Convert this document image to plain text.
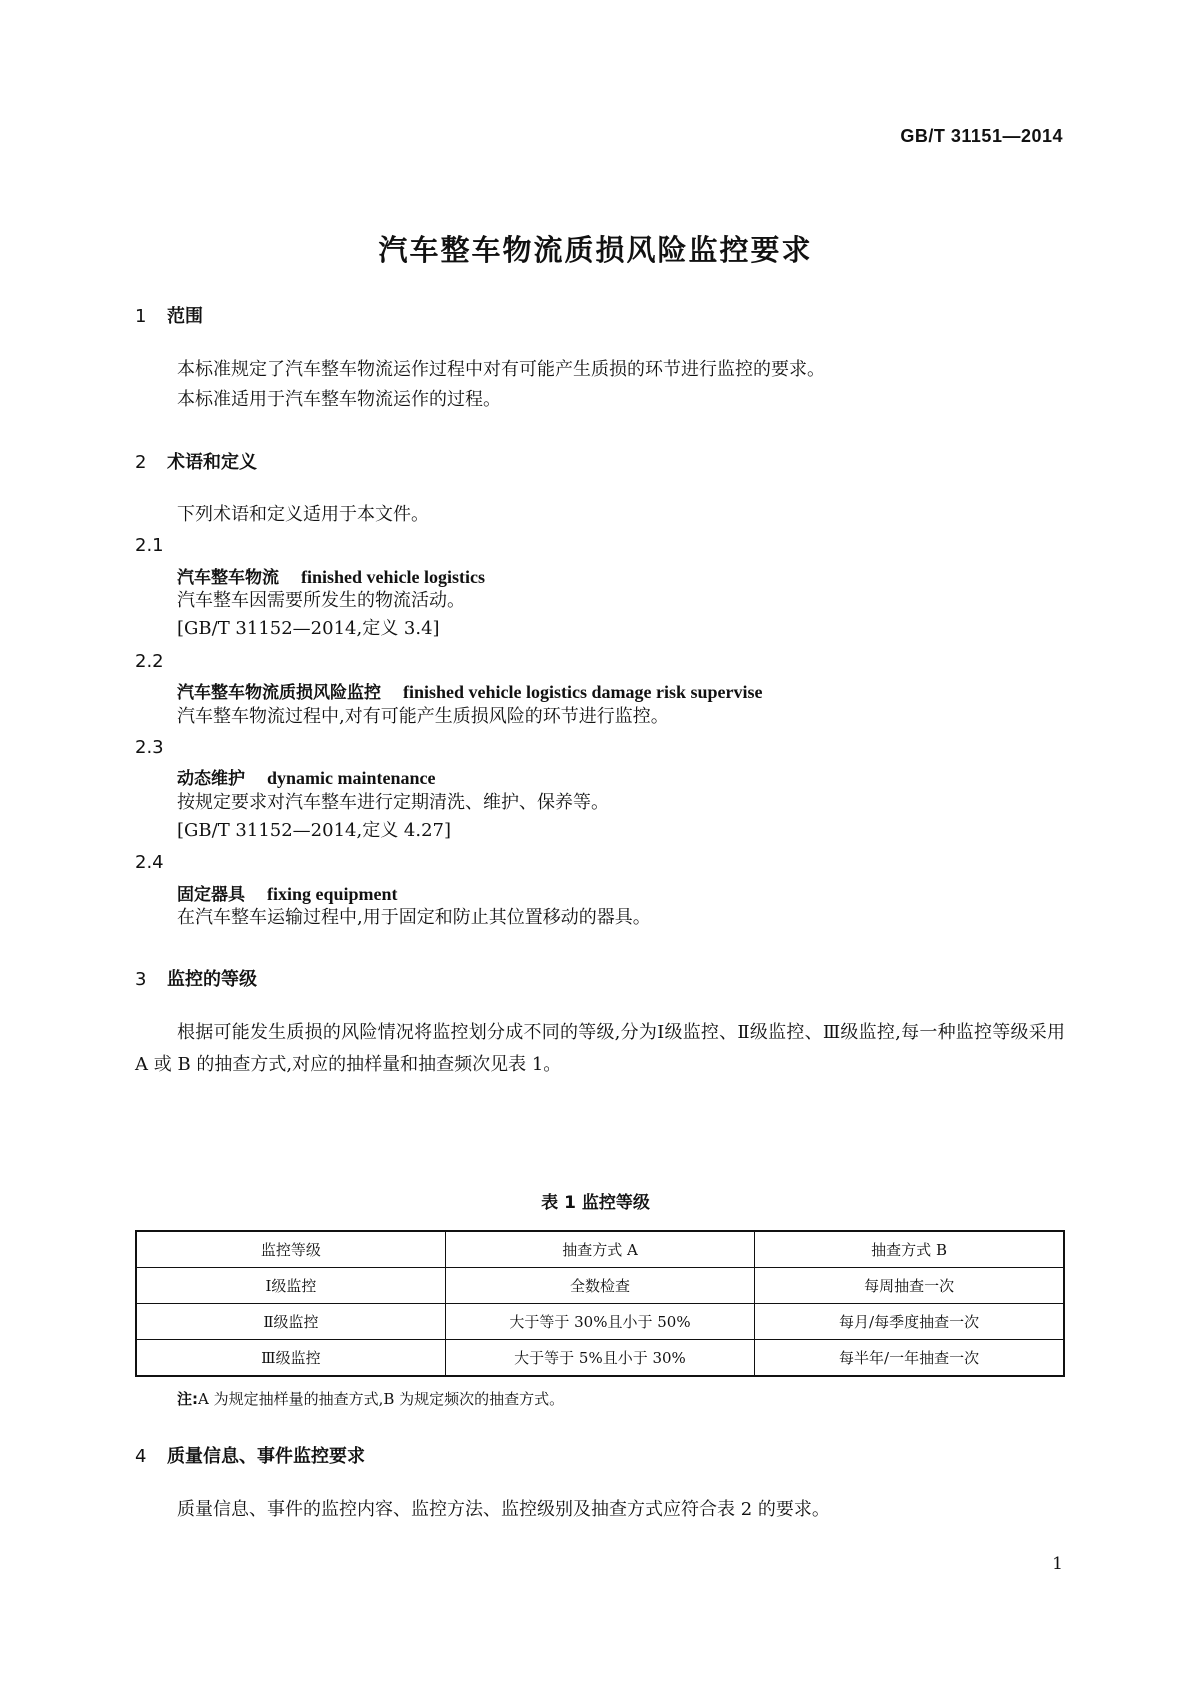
GB/T 31151—2014
汽车整车物流质损风险监控要求
1 范围
本标准规定了汽车整车物流运作过程中对有可能产生质损的环节进行监控的要求。
本标准适用于汽车整车物流运作的过程。
2 术语和定义
下列术语和定义适用于本文件。
2.1
汽车整车物流 finished vehicle logistics
汽车整车因需要所发生的物流活动。
[GB/T 31152—2014,定义 3.4]
2.2
汽车整车物流质损风险监控 finished vehicle logistics damage risk supervise
汽车整车物流过程中,对有可能产生质损风险的环节进行监控。
2.3
动态维护 dynamic maintenance
按规定要求对汽车整车进行定期清洗、维护、保养等。
[GB/T 31152—2014,定义 4.27]
2.4
固定器具 fixing equipment
在汽车整车运输过程中,用于固定和防止其位置移动的器具。
3 监控的等级
根据可能发生质损的风险情况将监控划分成不同的等级,分为Ⅰ级监控、Ⅱ级监控、Ⅲ级监控,每一种监控等级采用 A 或 B 的抽查方式,对应的抽样量和抽查频次见表 1。
表 1 监控等级
监控等级	抽查方式 A	抽查方式 B
Ⅰ级监控	全数检查	每周抽查一次
Ⅱ级监控	大于等于 30%且小于 50%	每月/每季度抽查一次
Ⅲ级监控	大于等于 5%且小于 30%	每半年/一年抽查一次
注:A 为规定抽样量的抽查方式,B 为规定频次的抽查方式。
4 质量信息、事件监控要求
质量信息、事件的监控内容、监控方法、监控级别及抽查方式应符合表 2 的要求。
1
